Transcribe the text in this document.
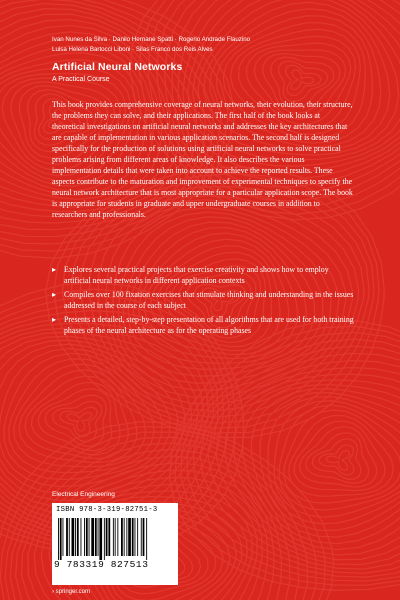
Ivan Nunes da Silva · Danilo Hernane Spatti · Rogerio Andrade Flauzino
Luisa Helena Bartocci Liboni · Silas Franco dos Reis Alves
Artificial Neural Networks
A Practical Course
This book provides comprehensive coverage of neural networks, their evolution, their structure, the problems they can solve, and their applications. The first half of the book looks at theoretical investigations on artificial neural networks and addresses the key architectures that are capable of implementation in various application scenarios. The second half is designed specifically for the production of solutions using artificial neural networks to solve practical problems arising from different areas of knowledge. It also describes the various implementation details that were taken into account to achieve the reported results. These aspects contribute to the maturation and improvement of experimental techniques to specify the neural network architecture that is most appropriate for a particular application scope. The book is appropriate for students in graduate and upper undergraduate courses in addition to researchers and professionals.
▸ Explores several practical projects that exercise creativity and shows how to employ artificial neural networks in different application contexts
▸ Compiles over 100 fixation exercises that stimulate thinking and understanding in the issues addressed in the course of each subject
▸ Presents a detailed, step-by-step presentation of all algorithms that are used for both training phases of the neural architecture as for the operating phases
Electrical Engineering
ISBN 978-3-319-82751-3
9 783319 827513
› springer.com
